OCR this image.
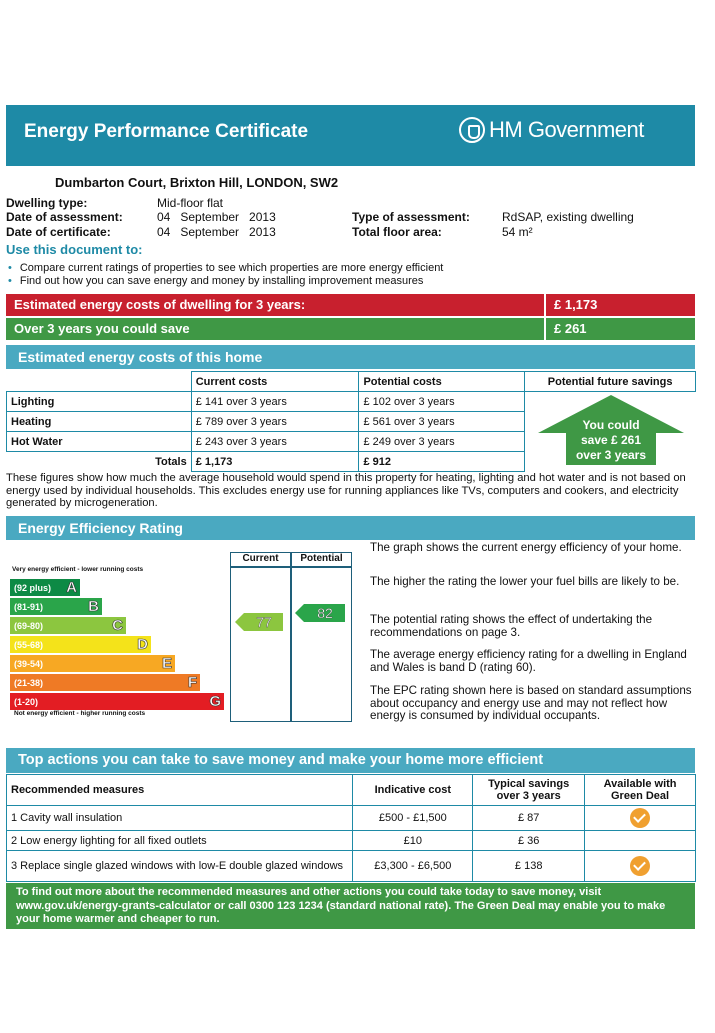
Energy Performance Certificate	HM Government
Dumbarton Court, Brixton Hill, LONDON, SW2
Dwelling type:	Mid-floor flat
Date of assessment:	04   September   2013
Date of certificate:	04   September   2013
Type of assessment:	RdSAP, existing dwelling
Total floor area:	54 m²
Use this document to:
• Compare current ratings of properties to see which properties are more energy efficient
• Find out how you can save energy and money by installing improvement measures
Estimated energy costs of dwelling for 3 years:	£ 1,173
Over 3 years you could save	£ 261
Estimated energy costs of this home
	Current costs	Potential costs	Potential future savings
Lighting	£ 141 over 3 years	£ 102 over 3 years	
Heating	£ 789 over 3 years	£ 561 over 3 years	
Hot Water	£ 243 over 3 years	£ 249 over 3 years	
Totals	£ 1,173	£ 912	
You could
save £ 261
over 3 years
These figures show how much the average household would spend in this property for heating, lighting and hot water and is not based on energy used by individual households. This excludes energy use for running appliances like TVs, computers and cookers, and electricity generated by microgeneration.
Energy Efficiency Rating
Current	Potential
Very energy efficient - lower running costs
Not energy efficient - higher running costs
(92 plus) A
(81-91)	B
(69-80)	C
(55-68)	D
(39-54)	E
(21-38)	F
(1-20)	G
77
82
The graph shows the current energy efficiency of your home.
The higher the rating the lower your fuel bills are likely to be.
The potential rating shows the effect of undertaking the recommendations on page 3.
The average energy efficiency rating for a dwelling in England and Wales is band D (rating 60).
The EPC rating shown here is based on standard assumptions about occupancy and energy use and may not reflect how energy is consumed by individual occupants.
Top actions you can take to save money and make your home more efficient
Recommended measures	Indicative cost	Typical savings over 3 years	Available with Green Deal
1 Cavity wall insulation	£500 - £1,500	£ 87	
2 Low energy lighting for all fixed outlets	£10	£ 36	
3 Replace single glazed windows with low-E double glazed windows	£3,300 - £6,500	£ 138	
To find out more about the recommended measures and other actions you could take today to save money, visit www.gov.uk/energy-grants-calculator or call 0300 123 1234 (standard national rate). The Green Deal may enable you to make your home warmer and cheaper to run.
